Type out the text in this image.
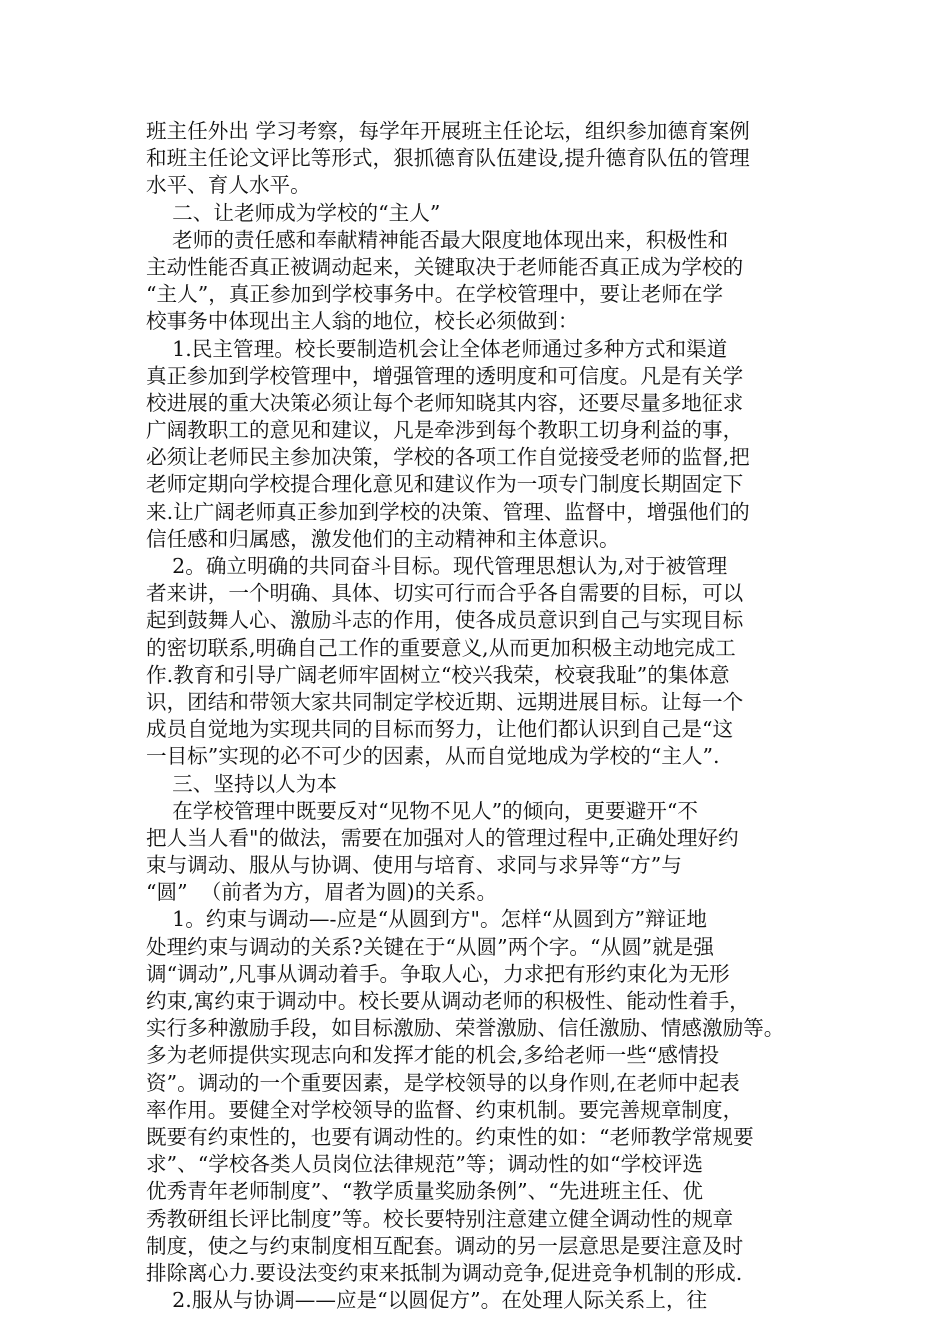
班主任外出 学习考察，每学年开展班主任论坛，组织参加德育案例
和班主任论文评比等形式，狠抓德育队伍建设,提升德育队伍的管理
水平、育人水平。
二、让老师成为学校的“主人”
老师的责任感和奉献精神能否最大限度地体现出来，积极性和
主动性能否真正被调动起来，关键取决于老师能否真正成为学校的
“主人”，真正参加到学校事务中。在学校管理中，要让老师在学
校事务中体现出主人翁的地位，校长必须做到：
1.民主管理。校长要制造机会让全体老师通过多种方式和渠道
真正参加到学校管理中，增强管理的透明度和可信度。凡是有关学
校进展的重大决策必须让每个老师知晓其内容，还要尽量多地征求
广阔教职工的意见和建议，凡是牵涉到每个教职工切身利益的事，
必须让老师民主参加决策，学校的各项工作自觉接受老师的监督,把
老师定期向学校提合理化意见和建议作为一项专门制度长期固定下
来.让广阔老师真正参加到学校的决策、管理、监督中，增强他们的
信任感和归属感，激发他们的主动精神和主体意识。
2。确立明确的共同奋斗目标。现代管理思想认为,对于被管理
者来讲，一个明确、具体、切实可行而合乎各自需要的目标，可以
起到鼓舞人心、激励斗志的作用，使各成员意识到自己与实现目标
的密切联系,明确自己工作的重要意义,从而更加积极主动地完成工
作.教育和引导广阔老师牢固树立“校兴我荣，校衰我耻”的集体意
识，团结和带领大家共同制定学校近期、远期进展目标。让每一个
成员自觉地为实现共同的目标而努力，让他们都认识到自己是“这
一目标”实现的必不可少的因素，从而自觉地成为学校的“主人”.
三、坚持以人为本
在学校管理中既要反对“见物不见人”的倾向，更要避开“不
把人当人看"的做法，需要在加强对人的管理过程中,正确处理好约
束与调动、服从与协调、使用与培育、求同与求异等“方”与
“圆”  （前者为方，眉者为圆)的关系。
1。约束与调动—-应是“从圆到方"。怎样“从圆到方”辩证地
处理约束与调动的关系?关键在于“从圆”两个字。“从圆”就是强
调“调动”,凡事从调动着手。争取人心，力求把有形约束化为无形
约束,寓约束于调动中。校长要从调动老师的积极性、能动性着手，
实行多种激励手段，如目标激励、荣誉激励、信任激励、情感激励等。
多为老师提供实现志向和发挥才能的机会,多给老师一些“感情投
资”。调动的一个重要因素，是学校领导的以身作则,在老师中起表
率作用。要健全对学校领导的监督、约束机制。要完善规章制度，
既要有约束性的，也要有调动性的。约束性的如：“老师教学常规要
求”、“学校各类人员岗位法律规范”等；调动性的如“学校评选
优秀青年老师制度”、“教学质量奖励条例”、“先进班主任、优
秀教研组长评比制度”等。校长要特别注意建立健全调动性的规章
制度，使之与约束制度相互配套。调动的另一层意思是要注意及时
排除离心力.要设法变约束来抵制为调动竞争,促进竞争机制的形成.
2.服从与协调——应是“以圆促方”。在处理人际关系上，往
